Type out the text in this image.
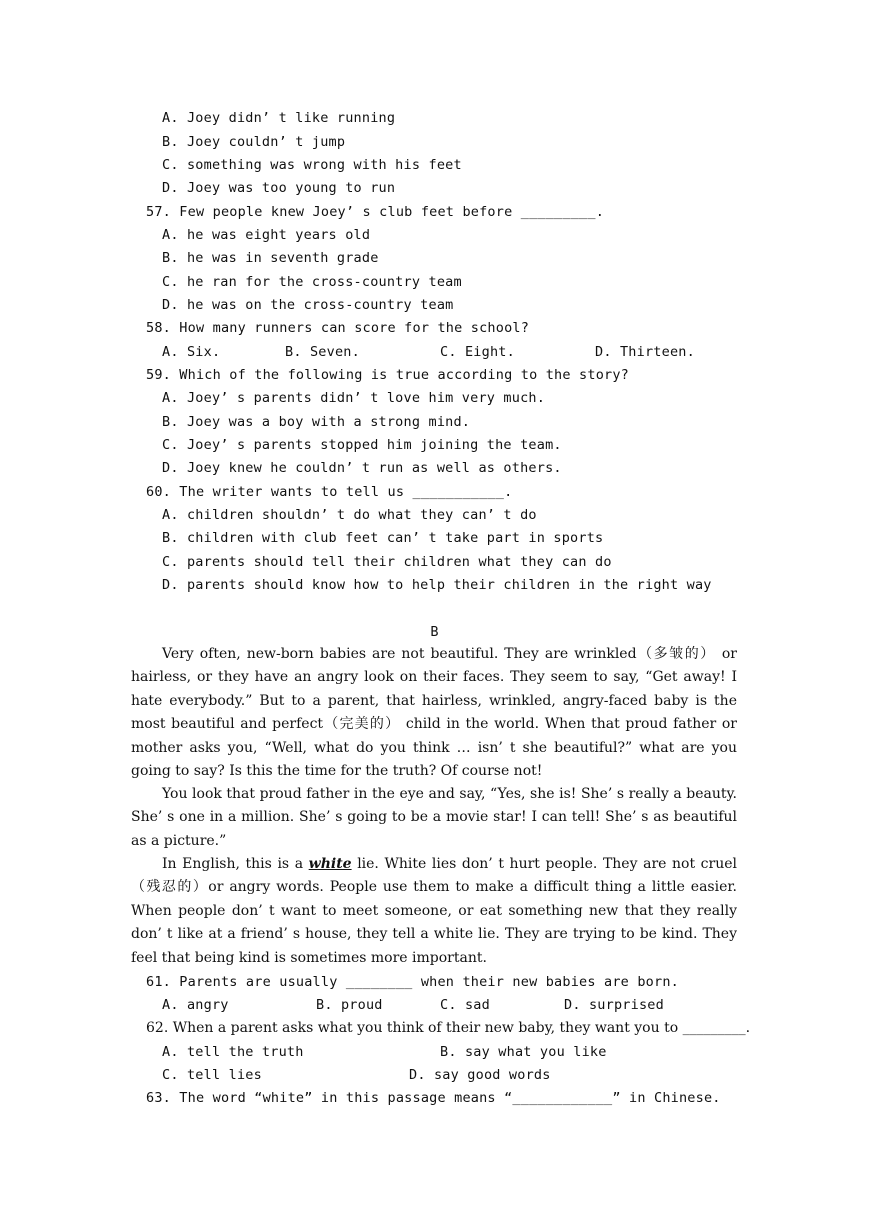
A. Joey didn’ t like running
B. Joey couldn’ t jump
C. something was wrong with his feet
D. Joey was too young to run
57. Few people knew Joey’ s club feet before _________.
A. he was eight years old
B. he was in seventh grade
C. he ran for the cross-country team
D. he was on the cross-country team
58. How many runners can score for the school?
A. Six.	B. Seven.	C. Eight.	D. Thirteen.
59. Which of the following is true according to the story?
A. Joey’ s parents didn’ t love him very much.
B. Joey was a boy with a strong mind.
C. Joey’ s parents stopped him joining the team.
D. Joey knew he couldn’ t run as well as others.
60. The writer wants to tell us ___________.
A. children shouldn’ t do what they can’ t do
B. children with club feet can’ t take part in sports
C. parents should tell their children what they can do
D. parents should know how to help their children in the right way
B
Very often, new-born babies are not beautiful. They are wrinkled（多皱的） or hairless, or they have an angry look on their faces. They seem to say, “Get away! I hate everybody.” But to a parent, that hairless, wrinkled, angry-faced baby is the most beautiful and perfect（完美的） child in the world. When that proud father or mother asks you, “Well, what do you think … isn’ t she beautiful?” what are you going to say? Is this the time for the truth? Of course not!
You look that proud father in the eye and say, “Yes, she is! She’ s really a beauty. She’ s one in a million. She’ s going to be a movie star! I can tell! She’ s as beautiful as a picture.”
In English, this is a white lie. White lies don’ t hurt people. They are not cruel（残忍的）or angry words. People use them to make a difficult thing a little easier. When people don’ t want to meet someone, or eat something new that they really don’ t like at a friend’ s house, they tell a white lie. They are trying to be kind. They feel that being kind is sometimes more important.
61. Parents are usually ________ when their new babies are born.
A. angry	B. proud	C. sad	D. surprised
62. When a parent asks what you think of their new baby, they want you to _________.
A. tell the truth	B. say what you like
C. tell lies	D. say good words
63. The word “white” in this passage means “____________” in Chinese.
